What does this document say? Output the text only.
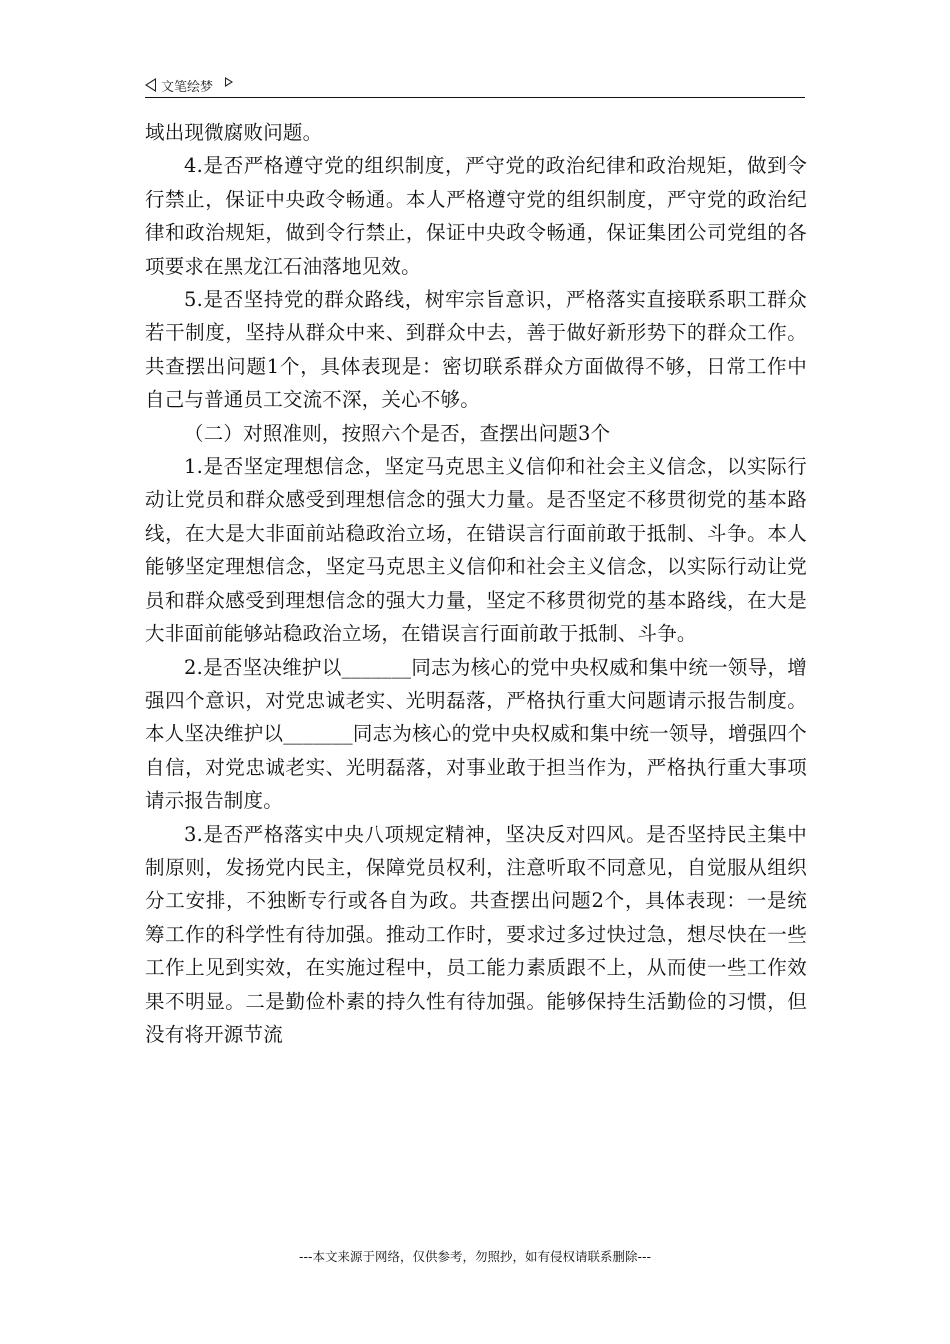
文笔绘梦

域出现微腐败问题。

4.是否严格遵守党的组织制度，严守党的政治纪律和政治规矩，做到令行禁止，保证中央政令畅通。本人严格遵守党的组织制度，严守党的政治纪律和政治规矩，做到令行禁止，保证中央政令畅通，保证集团公司党组的各项要求在黑龙江石油落地见效。

5.是否坚持党的群众路线，树牢宗旨意识，严格落实直接联系职工群众若干制度，坚持从群众中来、到群众中去，善于做好新形势下的群众工作。共查摆出问题1个，具体表现是：密切联系群众方面做得不够，日常工作中自己与普通员工交流不深，关心不够。

（二）对照准则，按照六个是否，查摆出问题3个

1.是否坚定理想信念，坚定马克思主义信仰和社会主义信念，以实际行动让党员和群众感受到理想信念的强大力量。是否坚定不移贯彻党的基本路线，在大是大非面前站稳政治立场，在错误言行面前敢于抵制、斗争。本人能够坚定理想信念，坚定马克思主义信仰和社会主义信念，以实际行动让党员和群众感受到理想信念的强大力量，坚定不移贯彻党的基本路线，在大是大非面前能够站稳政治立场，在错误言行面前敢于抵制、斗争。

2.是否坚决维护以_______同志为核心的党中央权威和集中统一领导，增强四个意识，对党忠诚老实、光明磊落，严格执行重大问题请示报告制度。本人坚决维护以_______同志为核心的党中央权威和集中统一领导，增强四个自信，对党忠诚老实、光明磊落，对事业敢于担当作为，严格执行重大事项请示报告制度。

3.是否严格落实中央八项规定精神，坚决反对四风。是否坚持民主集中制原则，发扬党内民主，保障党员权利，注意听取不同意见，自觉服从组织分工安排，不独断专行或各自为政。共查摆出问题2个，具体表现：一是统筹工作的科学性有待加强。推动工作时，要求过多过快过急，想尽快在一些工作上见到实效，在实施过程中，员工能力素质跟不上，从而使一些工作效果不明显。二是勤俭朴素的持久性有待加强。能够保持生活勤俭的习惯，但没有将开源节流

---本文来源于网络，仅供参考，勿照抄，如有侵权请联系删除---
